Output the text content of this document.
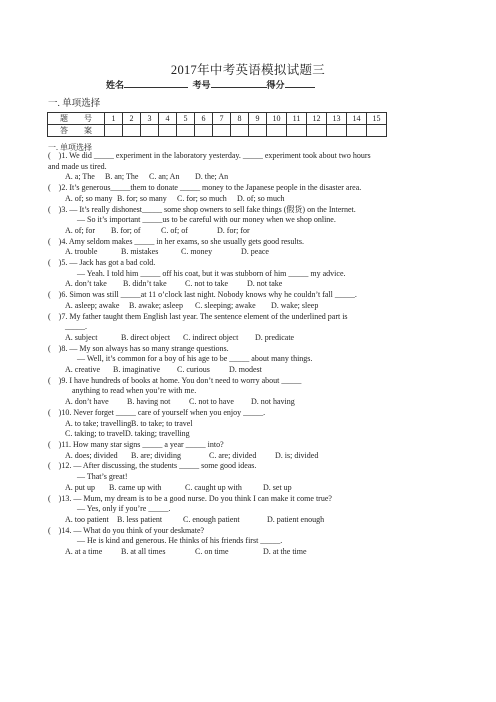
2017年中考英语模拟试题三
姓名	考号	得分
一. 单项选择
题　　号	1	2	3	4	5	6	7	8	9	10	11	12	13	14	15
答　　案															
一. 单项选择
(　)1. We did _____ experiment in the laboratory yesterday. _____ experiment took about two hours
and made us tired.
A. a; The B. an; The C. an; An D. the; An
(　)2. It’s generous_____them to donate _____ money to the Japanese people in the disaster area.
A. of; so many B. for; so many C. for; so much D. of; so much
(　)3. — It’s really dishonest_____ some shop owners to sell fake things (假货) on the Internet.
— So it’s important _____us to be careful with our money when we shop online.
A. of; for B. for; of	C. of; of	D. for; for
(　)4. Amy seldom makes _____ in her exams, so she usually gets good results.
A. trouble	B. mistakes	C. money	D. peace
(　)5. — Jack has got a bad cold.
— Yeah. I told him _____ off his coat, but it was stubborn of him _____ my advice.
A. don’t take B. didn’t take C. not to take D. not take
(　)6. Simon was still _____at 11 o’clock last night. Nobody knows why he couldn’t fall _____.
A. asleep; awake B. awake; asleep C. sleeping; awake D. wake; sleep
(　)7. My father taught them English last year. The sentence element of the underlined part is
_____.
A. subject	B. direct object C. indirect object D. predicate
(　)8. — My son always has so many strange questions.
— Well, it’s common for a boy of his age to be _____ about many things.
A. creative B. imaginative C. curious D. modest
(　)9. I have hundreds of books at home. You don’t need to worry about _____
anything to read when you’re with me.
A. don’t have B. having not C. not to have D. not having
(　)10. Never forget _____ care of yourself when you enjoy _____.
A. to take; travelling B. to take; to travel
C. taking; to travel D. taking; travelling
(　)11. How many star signs _____ a year _____ into?
A. does; divided B. are; dividing	C. are; divided D. is; divided
(　)12. — After discussing, the students _____ some good ideas.
— That’s great!
A. put up B. came up with	C. caught up with	D. set up
(　)13. — Mum, my dream is to be a good nurse. Do you think I can make it come true?
— Yes, only if you’re _____.
A. too patient B. less patient	C. enough patient	D. patient enough
(　)14. — What do you think of your deskmate?
— He is kind and generous. He thinks of his friends first _____.
A. at a time B. at all times	C. on time	D. at the time
